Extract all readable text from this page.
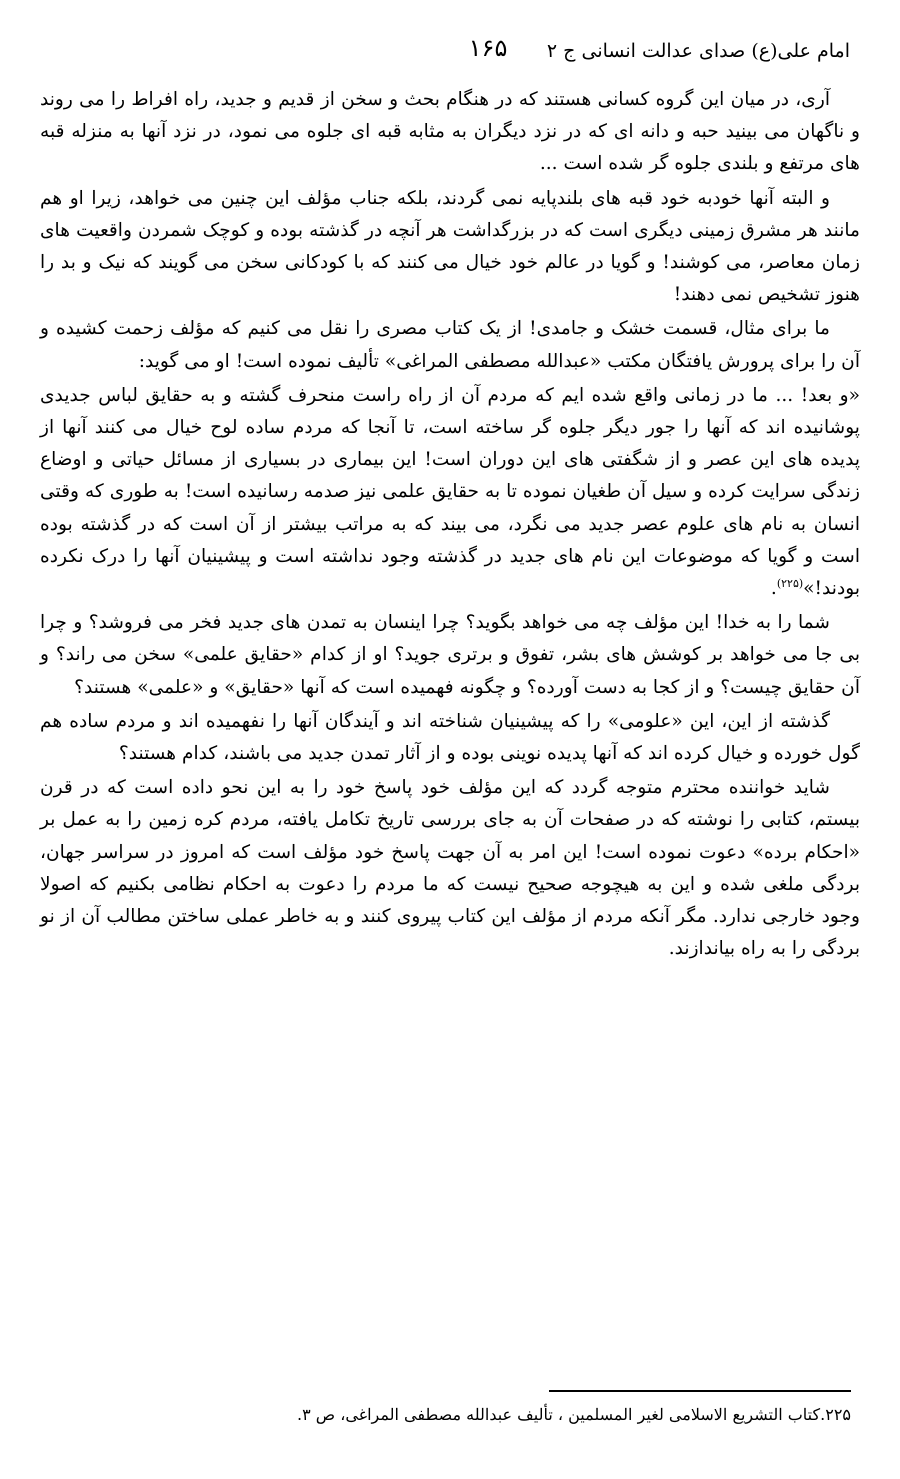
امام علی(ع) صدای عدالت انسانی ج ۲
۱۶۵

آری، در میان این گروه کسانی هستند که در هنگام بحث و سخن از قدیم و جدید، راه افراط را می روند و ناگهان می بینید حبه و دانه ای که در نزد دیگران به مثابه قبه ای جلوه می نمود، در نزد آنها به منزله قبه های مرتفع و بلندی جلوه گر شده است ...

و البته آنها خودبه خود قبه های بلندپایه نمی گردند، بلکه جناب مؤلف این چنین می خواهد، زیرا او هم مانند هر مشرق زمینی دیگری است که در بزرگداشت هر آنچه در گذشته بوده و کوچک شمردن واقعیت های زمان معاصر، می کوشند! و گویا در عالم خود خیال می کنند که با کودکانی سخن می گویند که نیک و بد را هنوز تشخیص نمی دهند!

ما برای مثال، قسمت خشک و جامدی! از یک کتاب مصری را نقل می کنیم که مؤلف زحمت کشیده و آن را برای پرورش یافتگان مکتب «عبدالله مصطفی المراغی» تألیف نموده است! او می گوید:

«و بعد! ... ما در زمانی واقع شده ایم که مردم آن از راه راست منحرف گشته و به حقایق لباس جدیدی پوشانیده اند که آنها را جور دیگر جلوه گر ساخته است، تا آنجا که مردم ساده لوح خیال می کنند آنها از پدیده های این عصر و از شگفتی های این دوران است! این بیماری در بسیاری از مسائل حیاتی و اوضاع زندگی سرایت کرده و سیل آن طغیان نموده تا به حقایق علمی نیز صدمه رسانیده است! به طوری که وقتی انسان به نام های علوم عصر جدید می نگرد، می بیند که به مراتب بیشتر از آن است که در گذشته بوده است و گویا که موضوعات این نام های جدید در گذشته وجود نداشته است و پیشینیان آنها را درک نکرده بودند!»$^{(۲۲۵)}$.

شما را به خدا! این مؤلف چه می خواهد بگوید؟ چرا اینسان به تمدن های جدید فخر می فروشد؟ و چرا بی جا می خواهد بر کوشش های بشر، تفوق و برتری جوید؟ او از کدام «حقایق علمی» سخن می راند؟ و آن حقایق چیست؟ و از کجا به دست آورده؟ و چگونه فهمیده است که آنها «حقایق» و «علمی» هستند؟

گذشته از این، این «علومی» را که پیشینیان شناخته اند و آیندگان آنها را نفهمیده اند و مردم ساده هم گول خورده و خیال کرده اند که آنها پدیده نوینی بوده و از آثار تمدن جدید می باشند، کدام هستند؟

شاید خواننده محترم متوجه گردد که این مؤلف خود پاسخ خود را به این نحو داده است که در قرن بیستم، کتابی را نوشته که در صفحات آن به جای بررسی تاریخ تکامل یافته، مردم کره زمین را به عمل بر «احکام برده» دعوت نموده است! این امر به آن جهت پاسخ خود مؤلف است که امروز در سراسر جهان، بردگی ملغی شده و این به هیچوجه صحیح نیست که ما مردم را دعوت به احکام نظامی بکنیم که اصولا وجود خارجی ندارد. مگر آنکه مردم از مؤلف این کتاب پیروی کنند و به خاطر عملی ساختن مطالب آن از نو بردگی را به راه بیاندازند.

۲۲۵.کتاب التشریع الاسلامی لغیر المسلمین ، تألیف عبدالله مصطفی المراغی، ص ۳.
